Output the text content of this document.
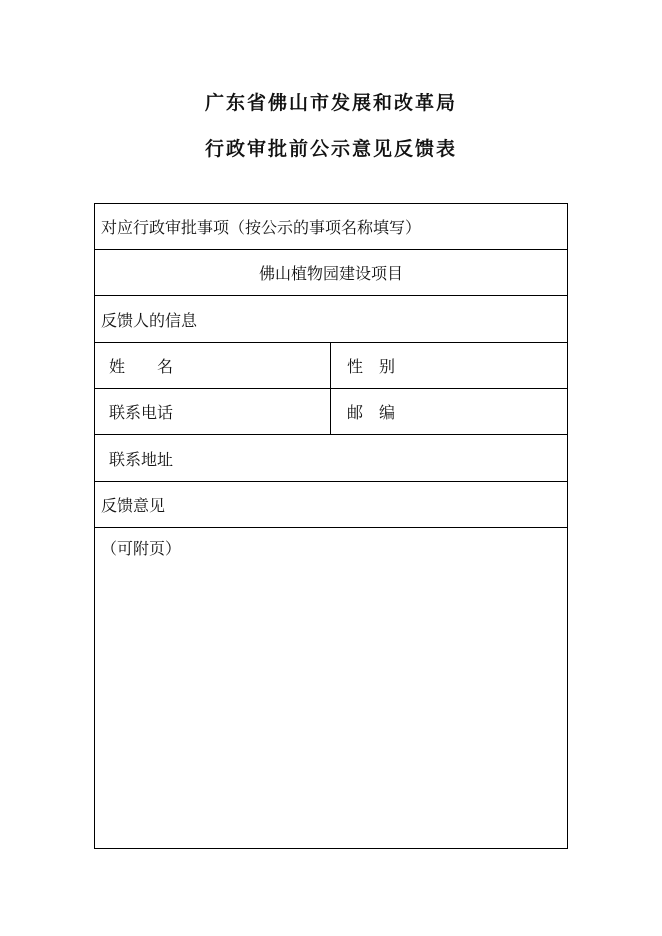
广东省佛山市发展和改革局
行政审批前公示意见反馈表
对应行政审批事项（按公示的事项名称填写）
佛山植物园建设项目
反馈人的信息
姓　　名	性　别
联系电话	邮　编
联系地址
反馈意见
（可附页）
